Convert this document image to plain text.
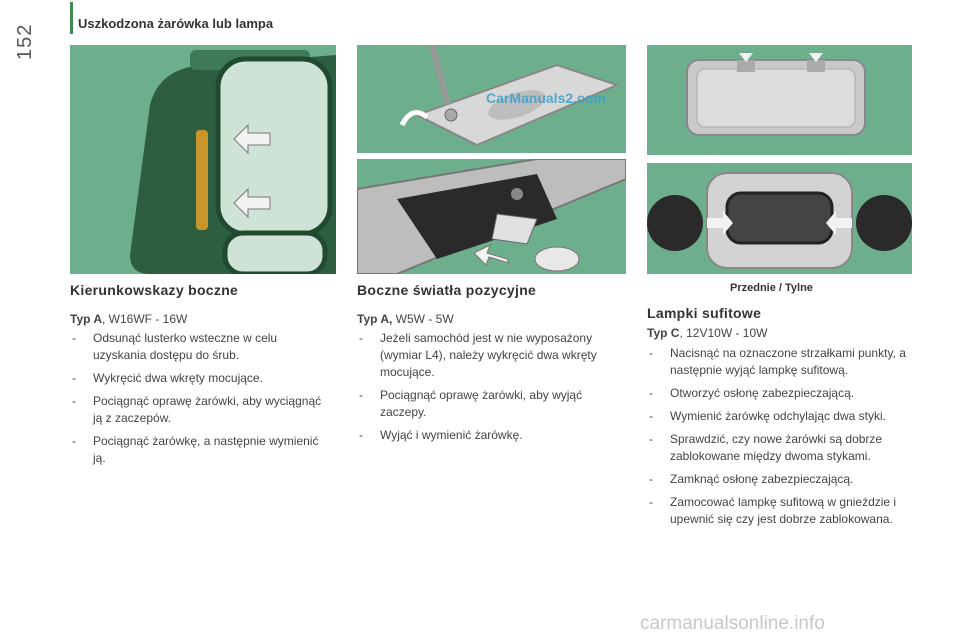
152
Uszkodzona żarówka lub lampa
CarManuals2.com
Przednie / Tylne
Kierunkowskazy boczne
Typ A, W16WF - 16W
- Odsunąć lusterko wsteczne w celu uzyskania dostępu do śrub.
- Wykręcić dwa wkręty mocujące.
- Pociągnąć oprawę żarówki, aby wyciągnąć ją z zaczepów.
- Pociągnąć żarówkę, a następnie wymienić ją.
Boczne światła pozycyjne
Typ A, W5W - 5W
- Jeżeli samochód jest w nie wyposażony (wymiar L4), należy wykręcić dwa wkręty mocujące.
- Pociągnąć oprawę żarówki, aby wyjąć zaczepy.
- Wyjąć i wymienić żarówkę.
Lampki sufitowe
Typ C, 12V10W - 10W
- Nacisnąć na oznaczone strzałkami punkty, a następnie wyjąć lampkę sufitową.
- Otworzyć osłonę zabezpieczającą.
- Wymienić żarówkę odchylając dwa styki.
- Sprawdzić, czy nowe żarówki są dobrze zablokowane między dwoma stykami.
- Zamknąć osłonę zabezpieczającą.
- Zamocować lampkę sufitową w gnieździe i upewnić się czy jest dobrze zablokowana.
carmanualsonline.info
